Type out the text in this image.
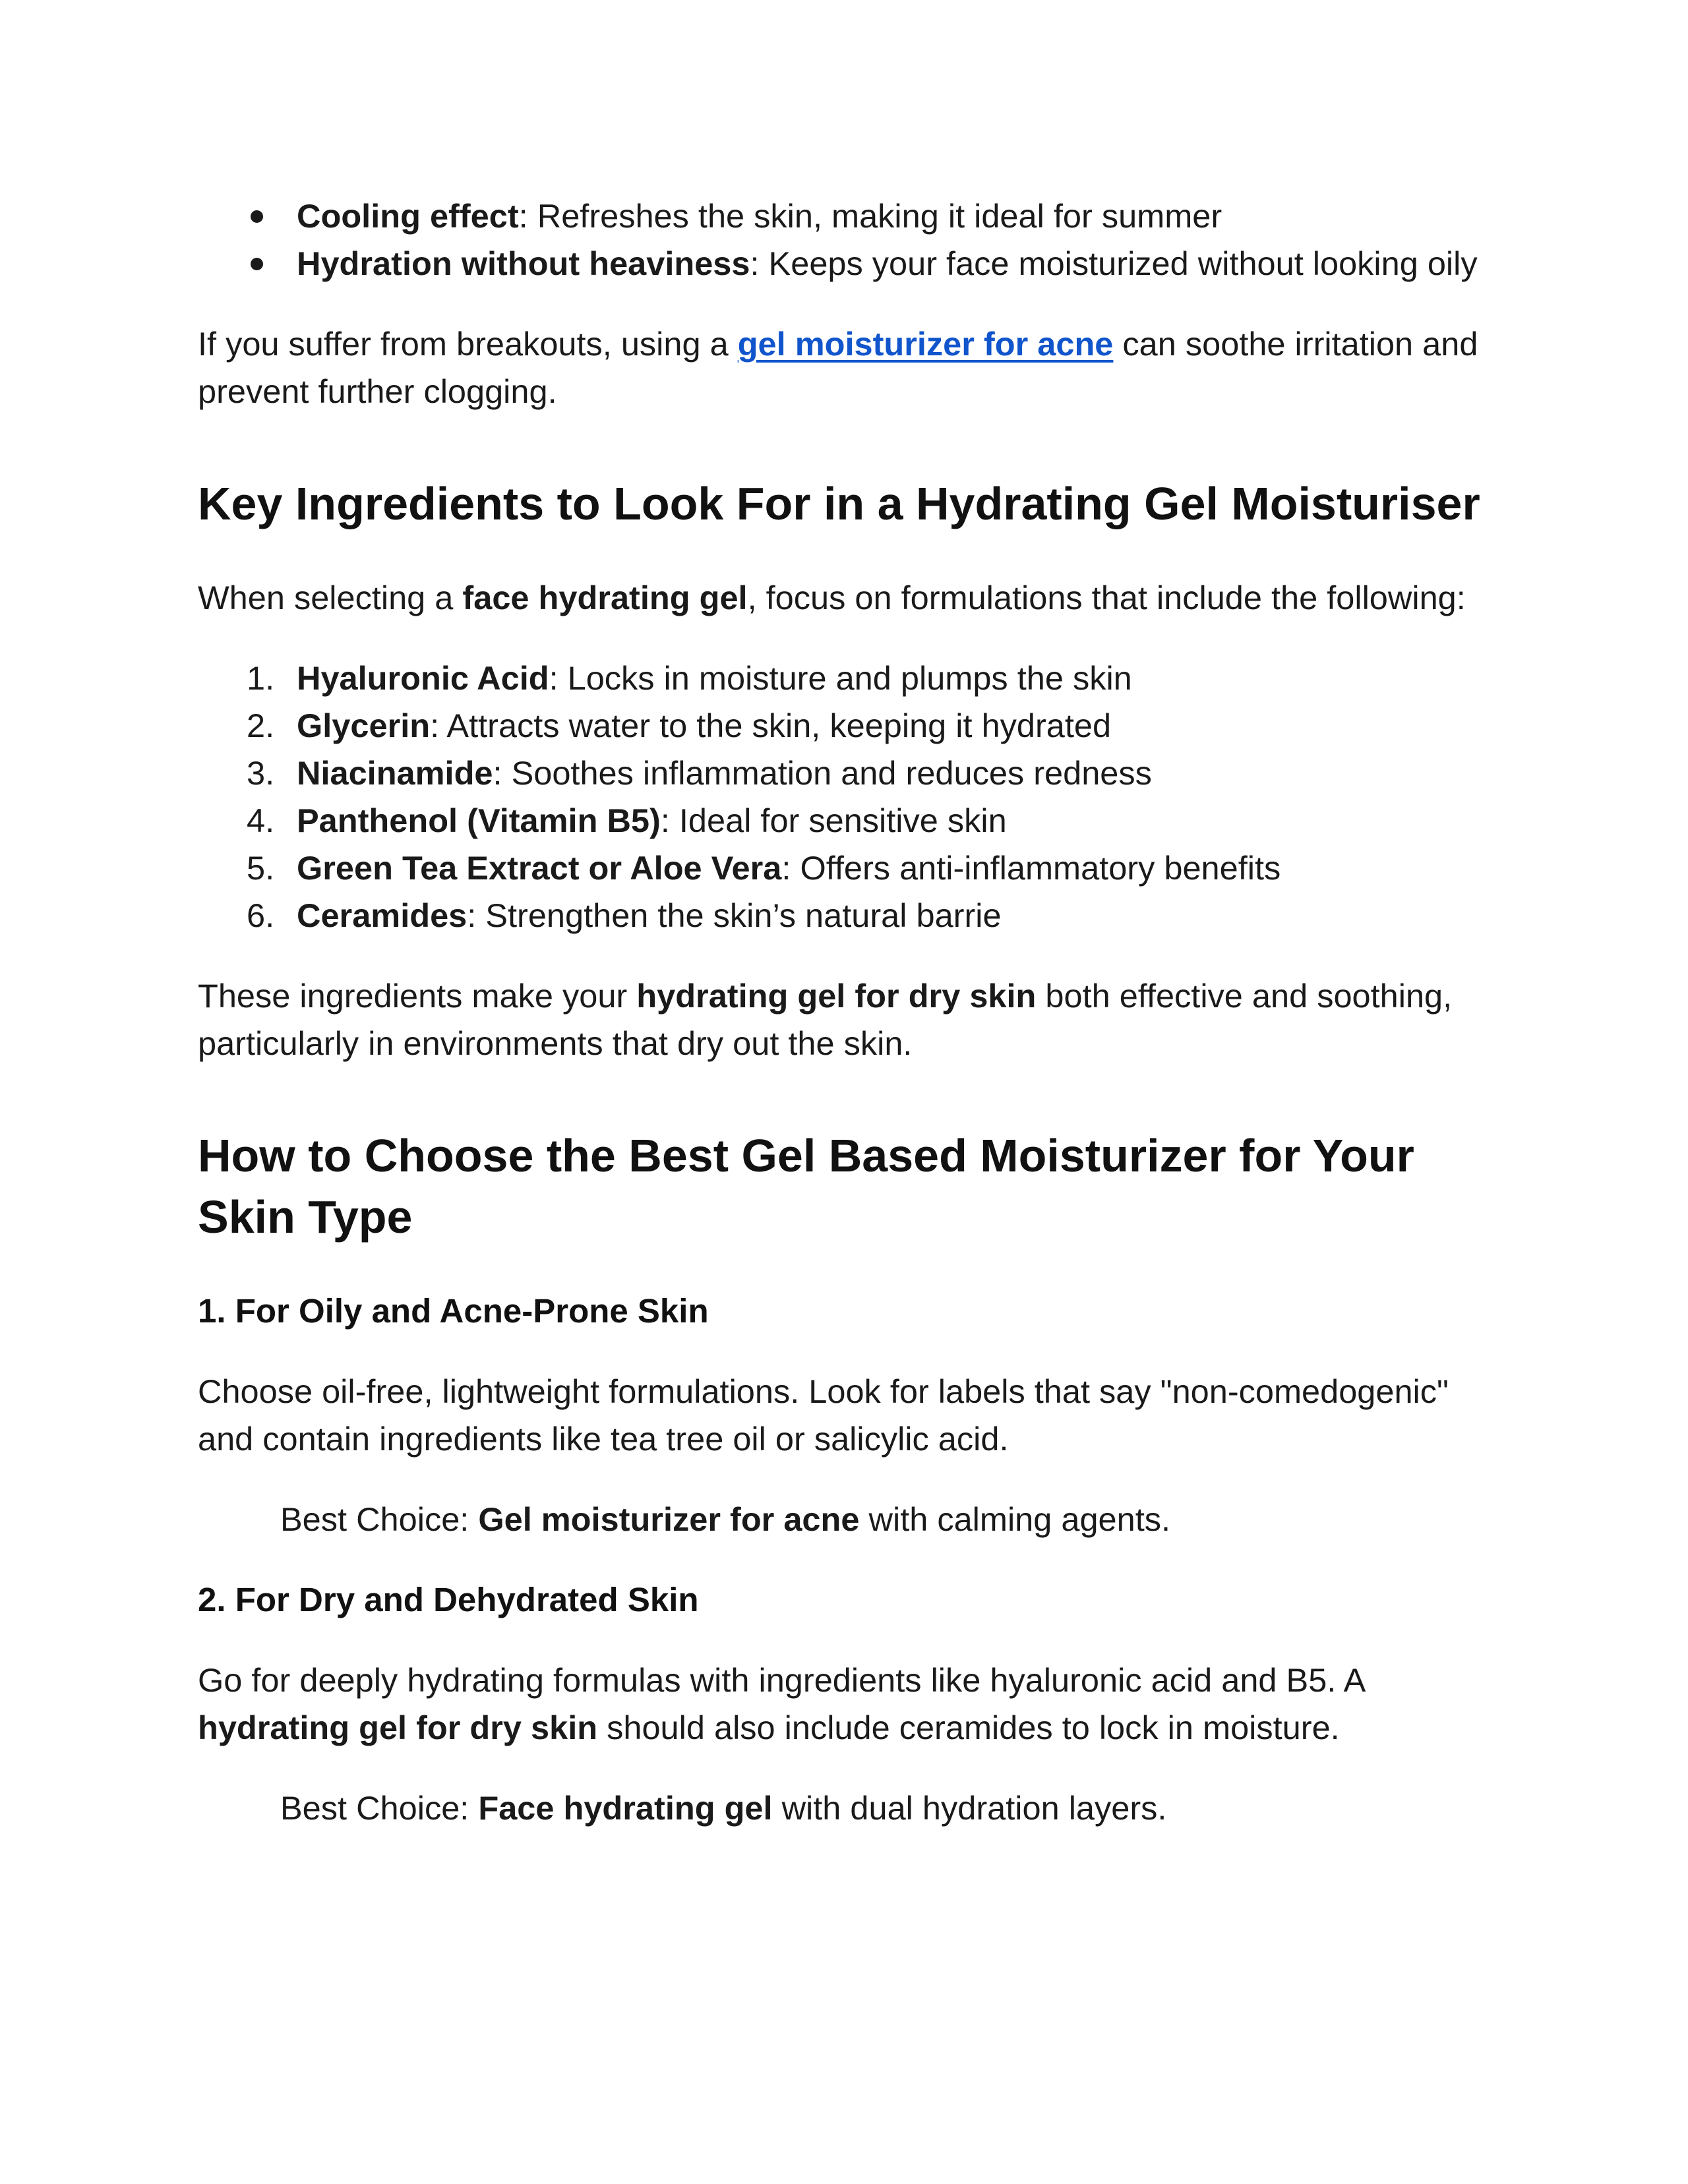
Cooling effect: Refreshes the skin, making it ideal for summer
Hydration without heaviness: Keeps your face moisturized without looking oily

If you suffer from breakouts, using a gel moisturizer for acne can soothe irritation and prevent further clogging.

Key Ingredients to Look For in a Hydrating Gel Moisturiser

When selecting a face hydrating gel, focus on formulations that include the following:

1. Hyaluronic Acid: Locks in moisture and plumps the skin
2. Glycerin: Attracts water to the skin, keeping it hydrated
3. Niacinamide: Soothes inflammation and reduces redness
4. Panthenol (Vitamin B5): Ideal for sensitive skin
5. Green Tea Extract or Aloe Vera: Offers anti-inflammatory benefits
6. Ceramides: Strengthen the skin’s natural barrie

These ingredients make your hydrating gel for dry skin both effective and soothing, particularly in environments that dry out the skin.

How to Choose the Best Gel Based Moisturizer for Your Skin Type
1. For Oily and Acne-Prone Skin

Choose oil-free, lightweight formulations. Look for labels that say "non-comedogenic" and contain ingredients like tea tree oil or salicylic acid.

Best Choice: Gel moisturizer for acne with calming agents.

2. For Dry and Dehydrated Skin

Go for deeply hydrating formulas with ingredients like hyaluronic acid and B5. A hydrating gel for dry skin should also include ceramides to lock in moisture.

Best Choice: Face hydrating gel with dual hydration layers.
